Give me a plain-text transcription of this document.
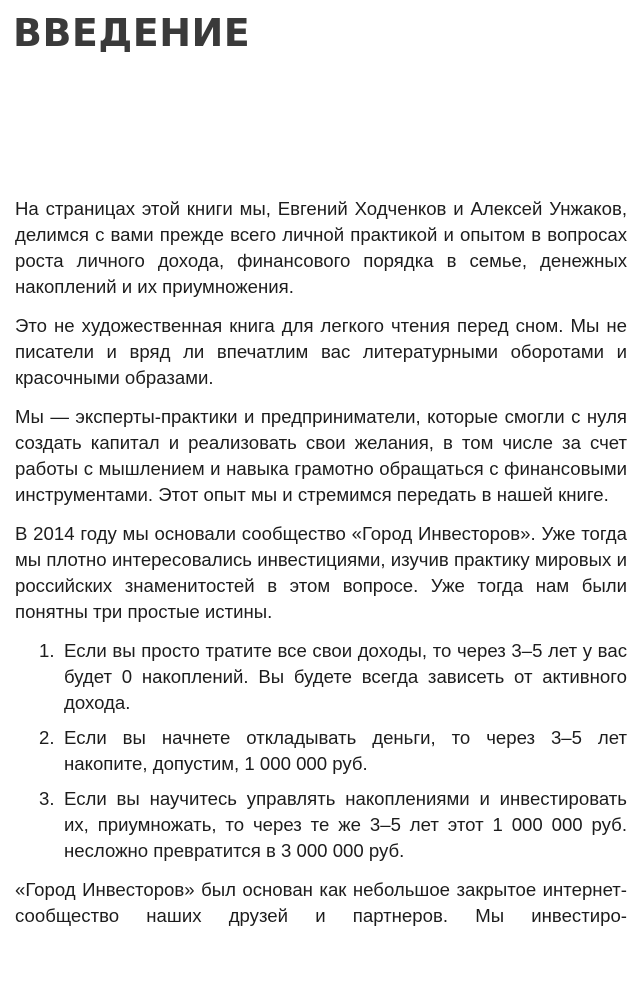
ВВЕДЕНИЕ

На страницах этой книги мы, Евгений Ходченков и Алексей Унжаков, делимся с вами прежде всего личной практикой и опытом в вопросах роста личного дохода, финансового порядка в семье, денежных накоплений и их приумножения.

Это не художественная книга для легкого чтения перед сном. Мы не писатели и вряд ли впечатлим вас литературными оборотами и красочными образами.

Мы — эксперты-практики и предприниматели, которые смогли с нуля создать капитал и реализовать свои желания, в том числе за счет работы с мышлением и навыка грамотно обращаться с финансовыми инструментами. Этот опыт мы и стремимся передать в нашей книге.

В 2014 году мы основали сообщество «Город Инвесторов». Уже тогда мы плотно интересовались инвестициями, изучив практику мировых и российских знаменитостей в этом вопросе. Уже тогда нам были понятны три простые истины.

1. Если вы просто тратите все свои доходы, то через 3–5 лет у вас будет 0 накоплений. Вы будете всегда зависеть от активного дохода.
2. Если вы начнете откладывать деньги, то через 3–5 лет накопите, допустим, 1 000 000 руб.
3. Если вы научитесь управлять накоплениями и инвестировать их, приумножать, то через те же 3–5 лет этот 1 000 000 руб. несложно превратится в 3 000 000 руб.

«Город Инвесторов» был основан как небольшое закрытое интернет-сообщество наших друзей и партнеров. Мы инвестиро-
